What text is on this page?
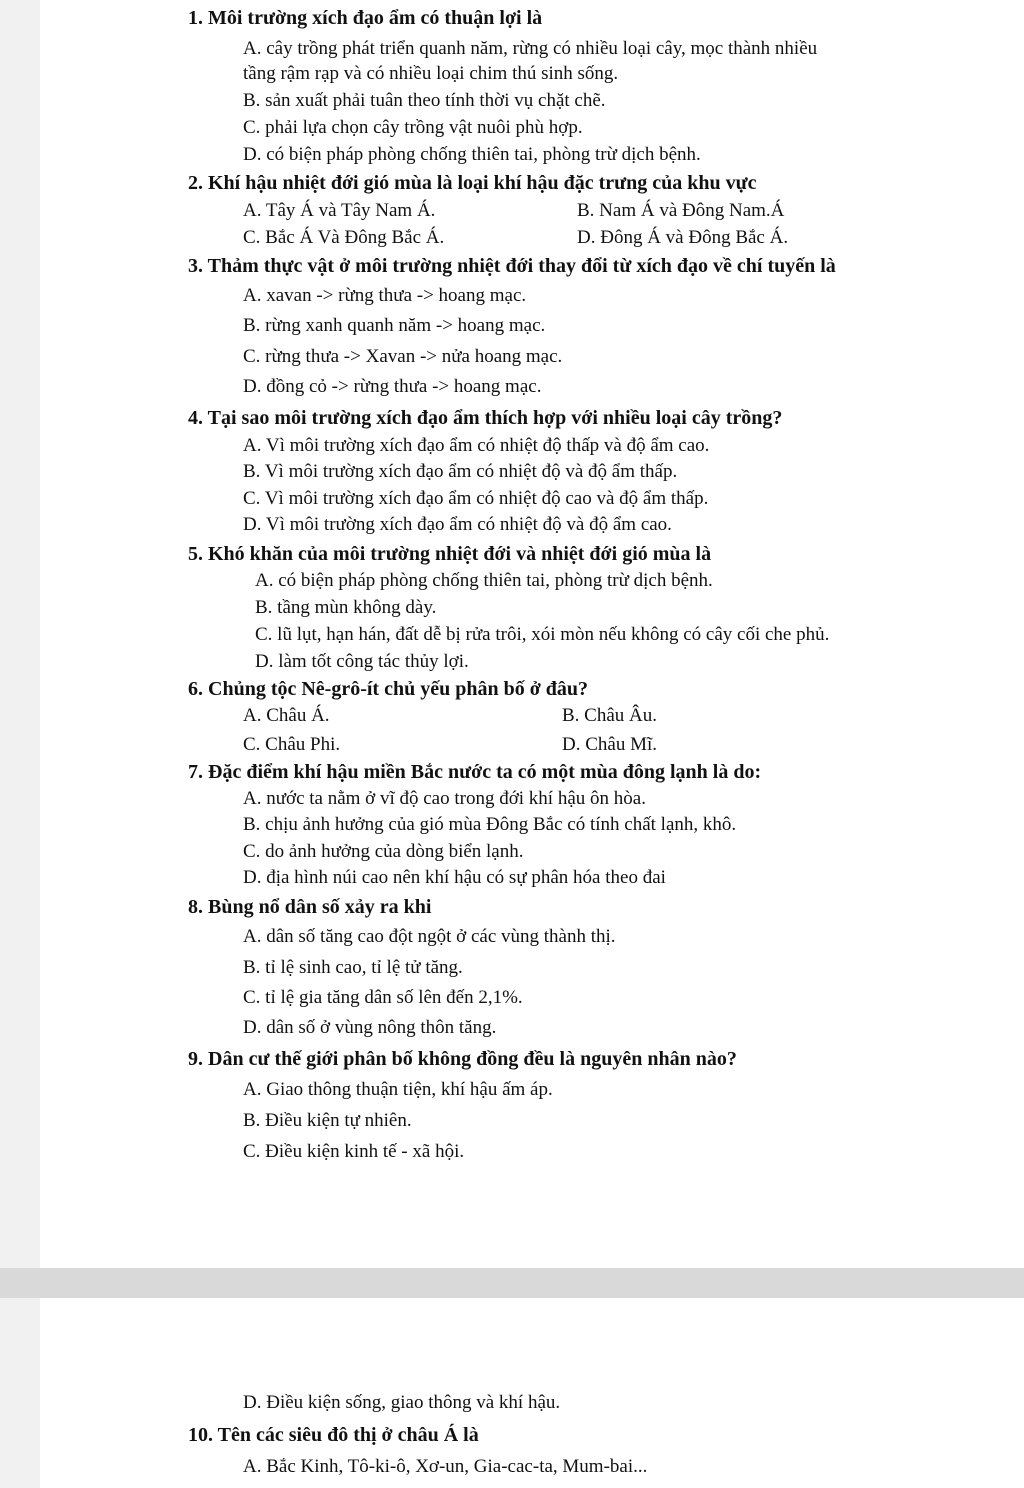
1. Môi trường xích đạo ẩm có thuận lợi là
A. cây trồng phát triển quanh năm, rừng có nhiều loại cây, mọc thành nhiều
tầng rậm rạp và có nhiều loại chim thú sinh sống.
B. sản xuất phải tuân theo tính thời vụ chặt chẽ.
C. phải lựa chọn cây trồng vật nuôi phù hợp.
D. có biện pháp phòng chống thiên tai, phòng trừ dịch bệnh.
2. Khí hậu nhiệt đới gió mùa là loại khí hậu đặc trưng của khu vực
A. Tây Á và Tây Nam Á.	B. Nam Á và Đông Nam.Á
C. Bắc Á Và Đông Bắc Á.	D. Đông Á và Đông Bắc Á.
3. Thảm thực vật ở môi trường nhiệt đới thay đổi từ xích đạo về chí tuyến là
A. xavan -> rừng thưa -> hoang mạc.
B. rừng xanh quanh năm -> hoang mạc.
C. rừng thưa -> Xavan -> nửa hoang mạc.
D. đồng cỏ -> rừng thưa -> hoang mạc.
4. Tại sao môi trường xích đạo ẩm thích hợp với nhiều loại cây trồng?
A. Vì môi trường xích đạo ẩm có nhiệt độ thấp và độ ẩm cao.
B. Vì môi trường xích đạo ẩm có nhiệt độ và độ ẩm thấp.
C. Vì môi trường xích đạo ẩm có nhiệt độ cao và độ ẩm thấp.
D. Vì môi trường xích đạo ẩm có nhiệt độ và độ ẩm cao.
5. Khó khăn của môi trường nhiệt đới và nhiệt đới gió mùa là
A. có biện pháp phòng chống thiên tai, phòng trừ dịch bệnh.
B. tầng mùn không dày.
C. lũ lụt, hạn hán, đất dễ bị rửa trôi, xói mòn nếu không có cây cối che phủ.
D. làm tốt công tác thủy lợi.
6. Chủng tộc Nê-grô-ít chủ yếu phân bố ở đâu?
A. Châu Á.	B. Châu Âu.
C. Châu Phi.	D. Châu Mĩ.
7. Đặc điểm khí hậu miền Bắc nước ta có một mùa đông lạnh là do:
A. nước ta nằm ở vĩ độ cao trong đới khí hậu ôn hòa.
B. chịu ảnh hưởng của gió mùa Đông Bắc có tính chất lạnh, khô.
C. do ảnh hưởng của dòng biển lạnh.
D. địa hình núi cao nên khí hậu có sự phân hóa theo đai
8. Bùng nổ dân số xảy ra khi
A. dân số tăng cao đột ngột ở các vùng thành thị.
B. tỉ lệ sinh cao, tỉ lệ tử tăng.
C. tỉ lệ gia tăng dân số lên đến 2,1%.
D. dân số ở vùng nông thôn tăng.
9. Dân cư thế giới phân bố không đồng đều là nguyên nhân nào?
A. Giao thông thuận tiện, khí hậu ấm áp.
B. Điều kiện tự nhiên.
C. Điều kiện kinh tế - xã hội.
D. Điều kiện sống, giao thông và khí hậu.
10. Tên các siêu đô thị ở châu Á là
A. Bắc Kinh, Tô-ki-ô, Xơ-un, Gia-cac-ta, Mum-bai...
